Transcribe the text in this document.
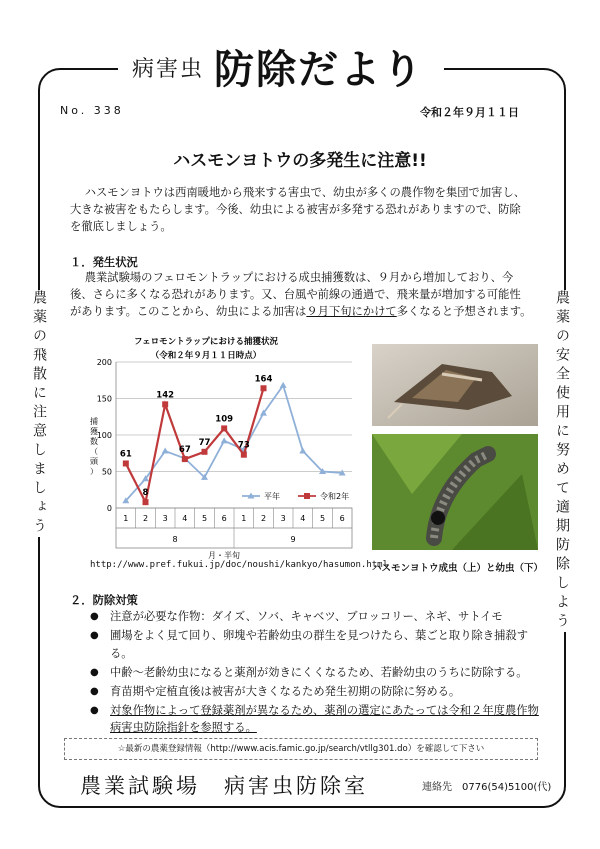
病害虫 防除だより
No. 338	令和２年９月１１日
ハスモンヨトウの多発生に注意!!
ハスモンヨトウは西南暖地から飛来する害虫で、幼虫が多くの農作物を集団で加害し、大きな被害をもたらします。今後、幼虫による被害が多発する恐れがありますので、防除を徹底しましょう。
１．発生状況
農業試験場のフェロモントラップにおける成虫捕獲数は、９月から増加しており、今後、さらに多くなる恐れがあります。又、台風や前線の通過で、飛来量が増加する可能性があります。このことから、幼虫による加害は９月下旬にかけて多くなると予想されます。
農薬の飛散に注意しましょう	農薬の安全使用に努めて適期防除しよう
フェロモントラップにおける捕獲状況
（令和２年９月１１日時点）
0
50
100
150
200
捕
獲
数
（
頭
）
1 2 3 4 5 6 1 2 3 4 5 6
8	9
61
8
142
67
77
109
73
164
平年	令和2年
月・半旬
http://www.pref.fukui.jp/doc/noushi/kankyo/hasumon.html
ハスモンヨトウ成虫（上）と幼虫（下）
２．防除対策
● 注意が必要な作物：ダイズ、ソバ、キャベツ、ブロッコリー、ネギ、サトイモ
● 圃場をよく見て回り、卵塊や若齢幼虫の群生を見つけたら、葉ごと取り除き捕殺する。
● 中齢～老齢幼虫になると薬剤が効きにくくなるため、若齢幼虫のうちに防除する。
● 育苗期や定植直後は被害が大きくなるため発生初期の防除に努める。
● 対象作物によって登録薬剤が異なるため、薬剤の選定にあたっては令和２年度農作物病害虫防除指針を参照する。
☆最新の農薬登録情報（http://www.acis.famic.go.jp/search/vtllg301.do）を確認して下さい
農業試験場　病害虫防除室	連絡先　0776(54)5100(代)
